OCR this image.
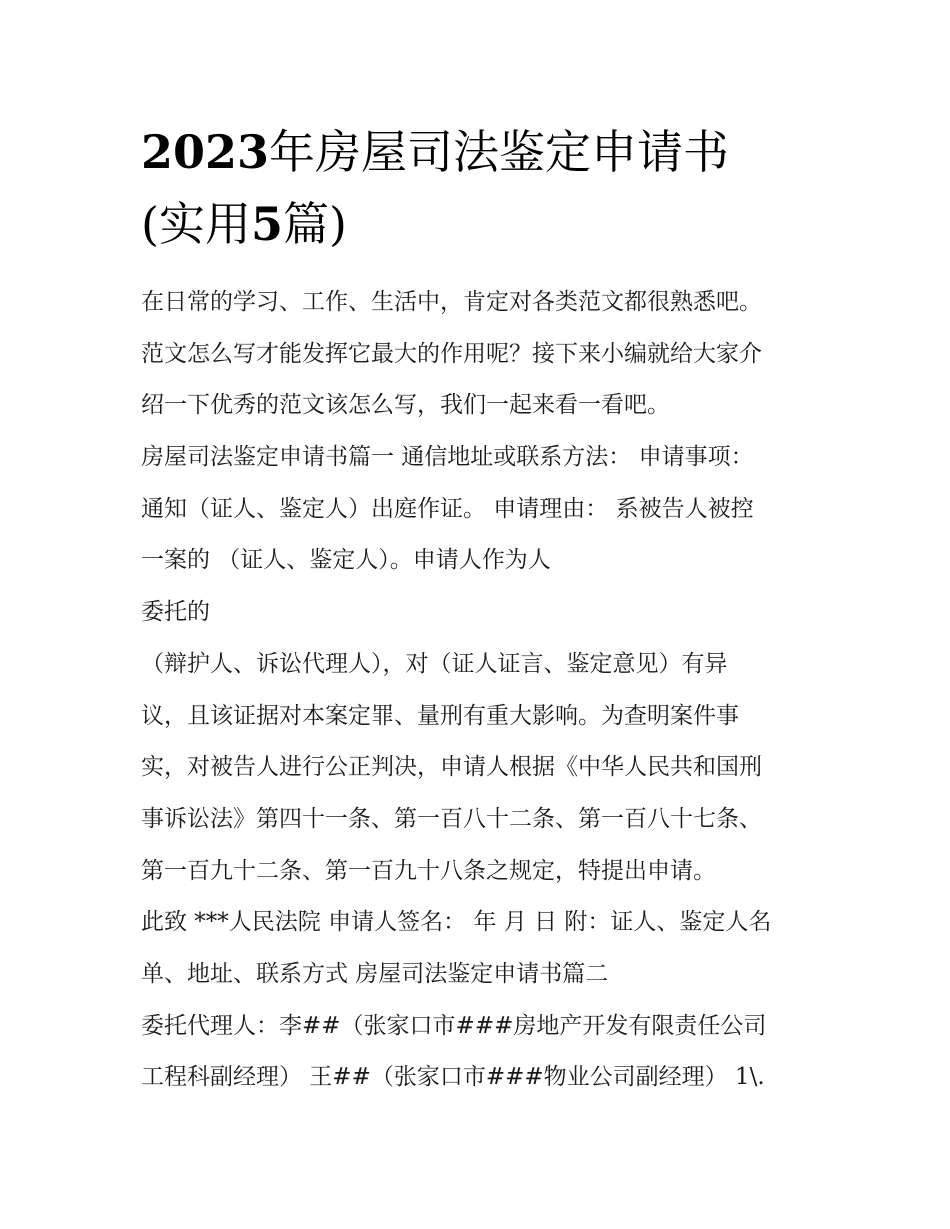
2023年房屋司法鉴定申请书
(实用5篇)
在日常的学习、工作、生活中，肯定对各类范文都很熟悉吧。
范文怎么写才能发挥它最大的作用呢？接下来小编就给大家介
绍一下优秀的范文该怎么写，我们一起来看一看吧。
房屋司法鉴定申请书篇一 通信地址或联系方法： 申请事项：
通知（证人、鉴定人）出庭作证。 申请理由： 系被告人被控
一案的 （证人、鉴定人）。申请人作为人
委托的
（辩护人、诉讼代理人），对（证人证言、鉴定意见）有异
议，且该证据对本案定罪、量刑有重大影响。为查明案件事
实，对被告人进行公正判决，申请人根据《中华人民共和国刑
事诉讼法》第四十一条、第一百八十二条、第一百八十七条、
第一百九十二条、第一百九十八条之规定，特提出申请。
此致 ***人民法院 申请人签名： 年 月 日 附：证人、鉴定人名
单、地址、联系方式 房屋司法鉴定申请书篇二
委托代理人：李##（张家口市###房地产开发有限责任公司
工程科副经理） 王##（张家口市###物业公司副经理） 1\.
